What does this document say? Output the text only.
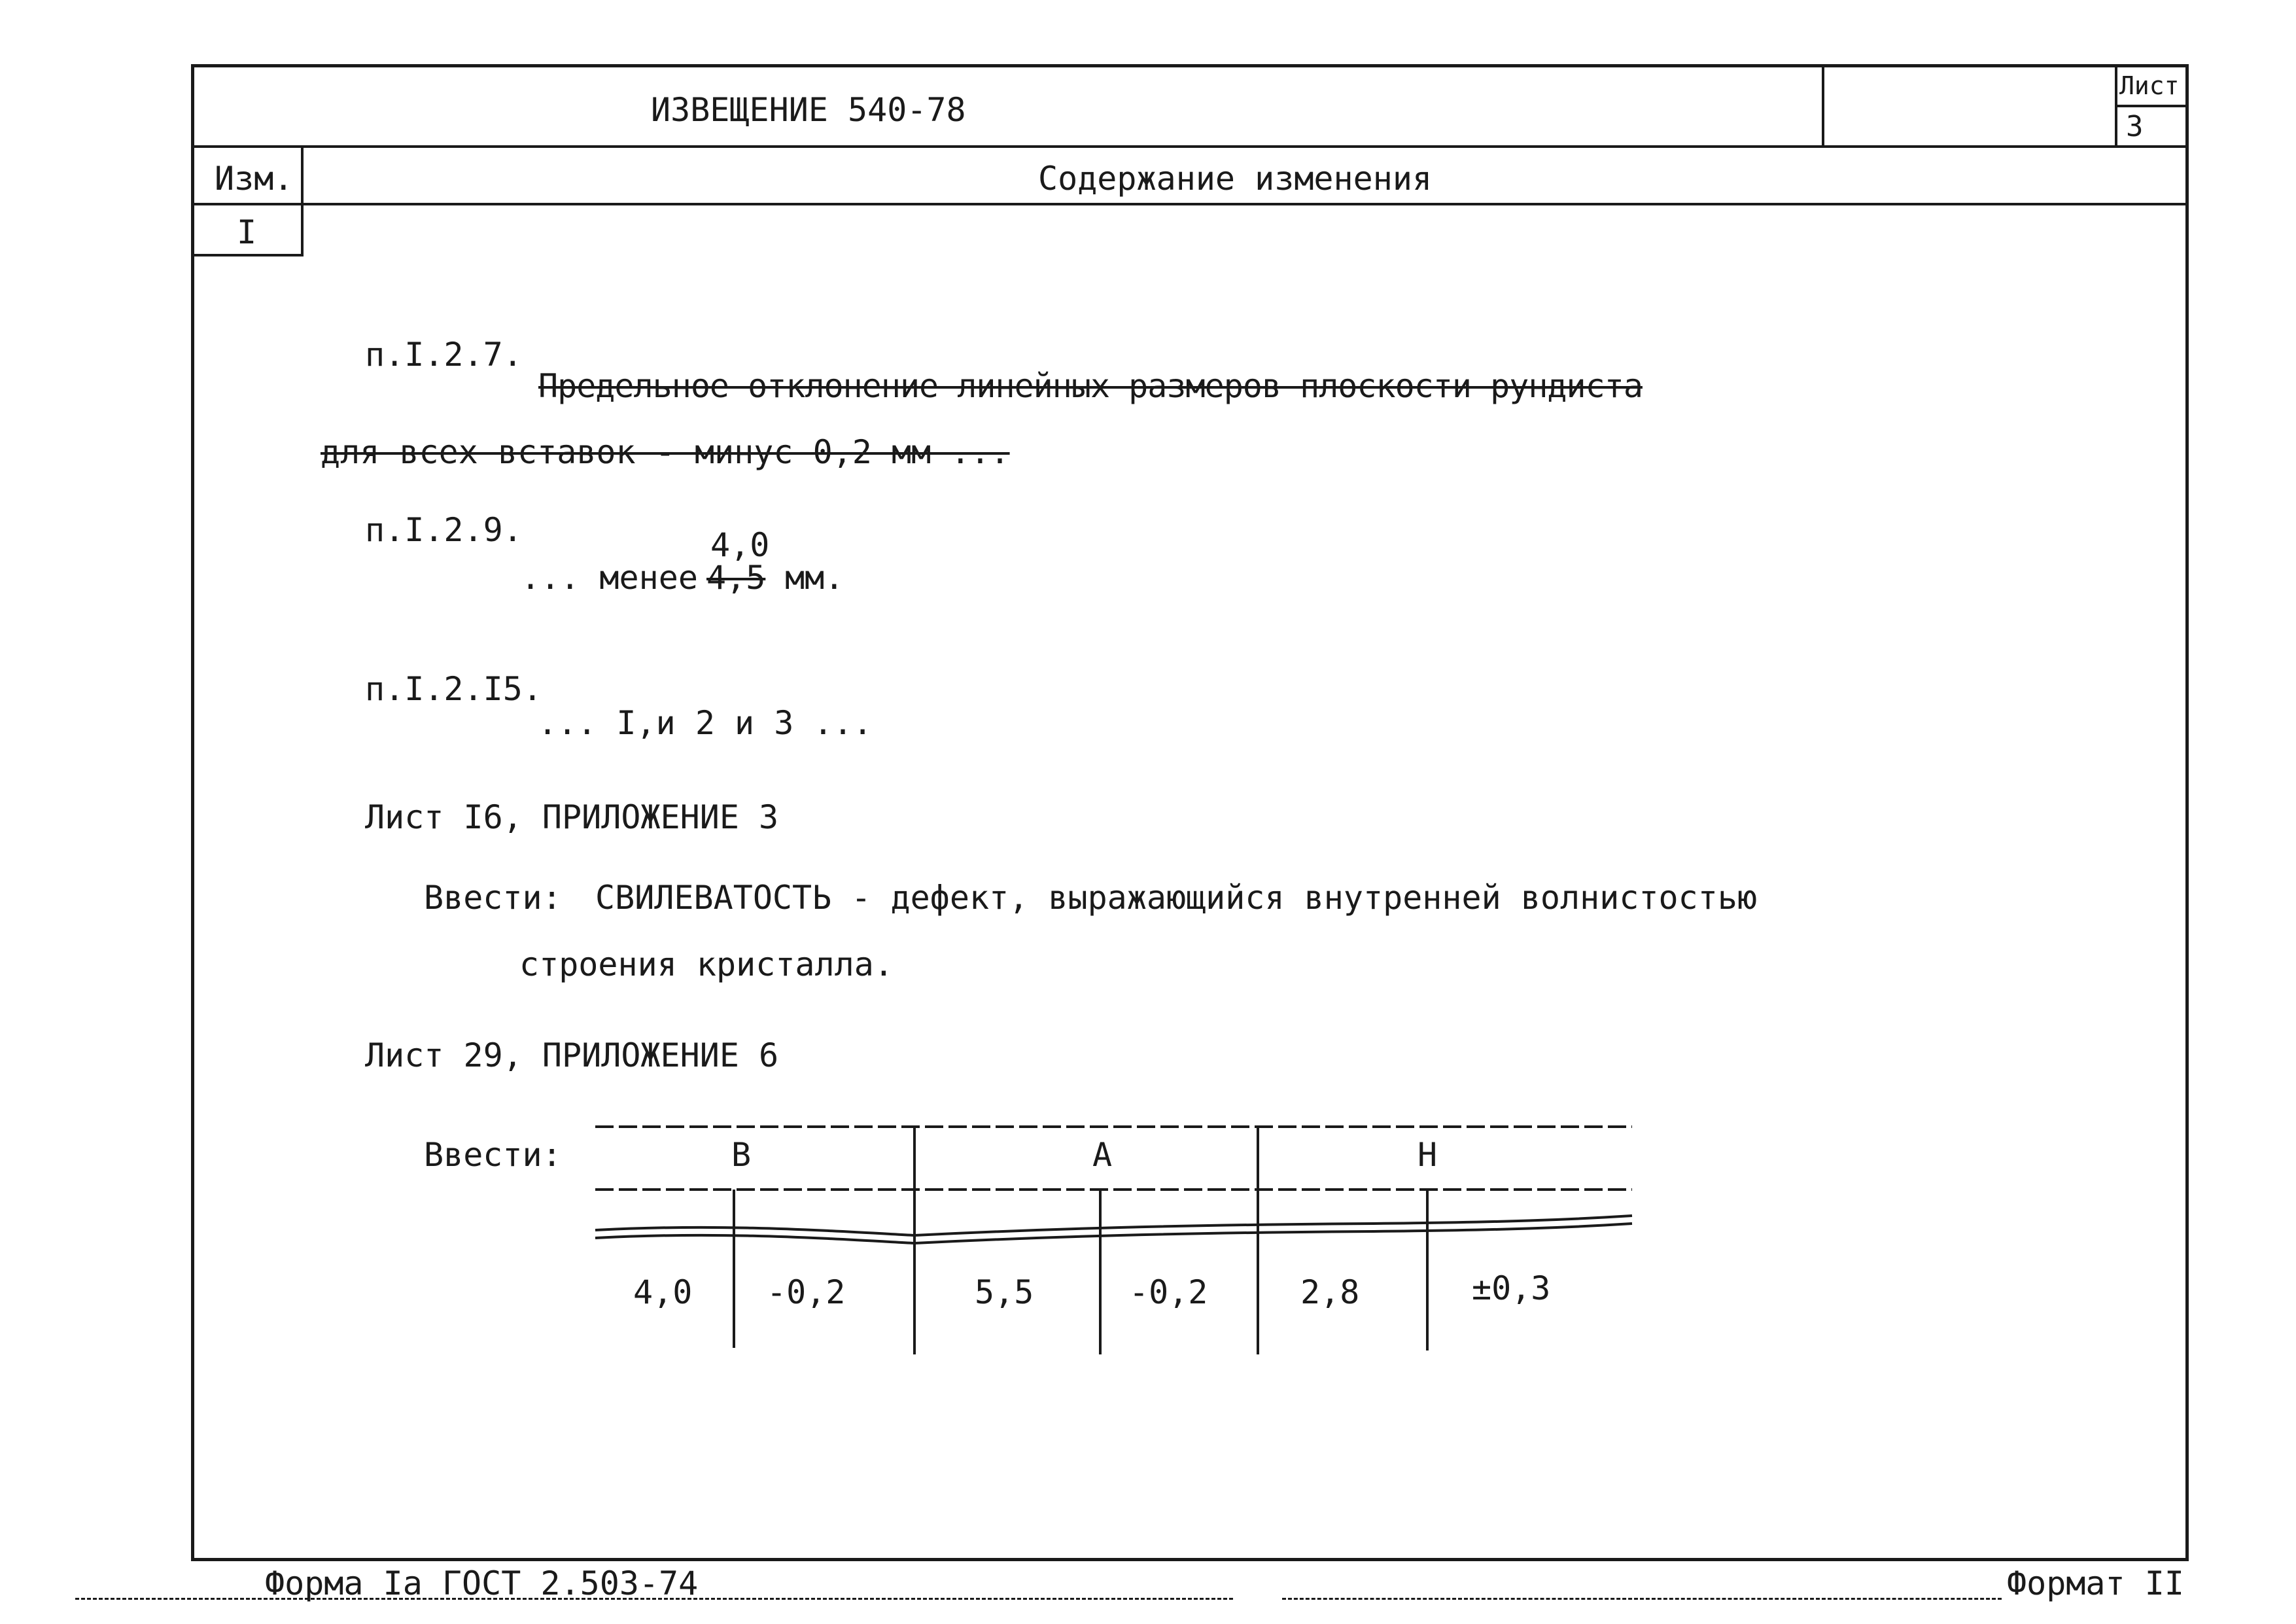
ИЗВЕЩЕНИЕ 540-78
Лист
3
Изм.	Содержание изменения
I
п.I.2.7.
Предельное отклонение линейных размеров плоскости рундиста
для всех вставок - минус 0,2 мм ...
п.I.2.9.
... менее 4,5
4,0
мм.
п.I.2.I5.
... I,и 2 и 3 ...
Лист I6, ПРИЛОЖЕНИЕ 3
Ввести: СВИЛЕВАТОСТЬ - дефект, выражающийся внутренней волнистостью
строения кристалла.
Лист 29, ПРИЛОЖЕНИЕ 6
Ввести:	В	А	Н
4,0 -0,2	5,5	-0,2	2,8	±0,3
Форма Iа ГОСТ 2.503-74	Формат II
